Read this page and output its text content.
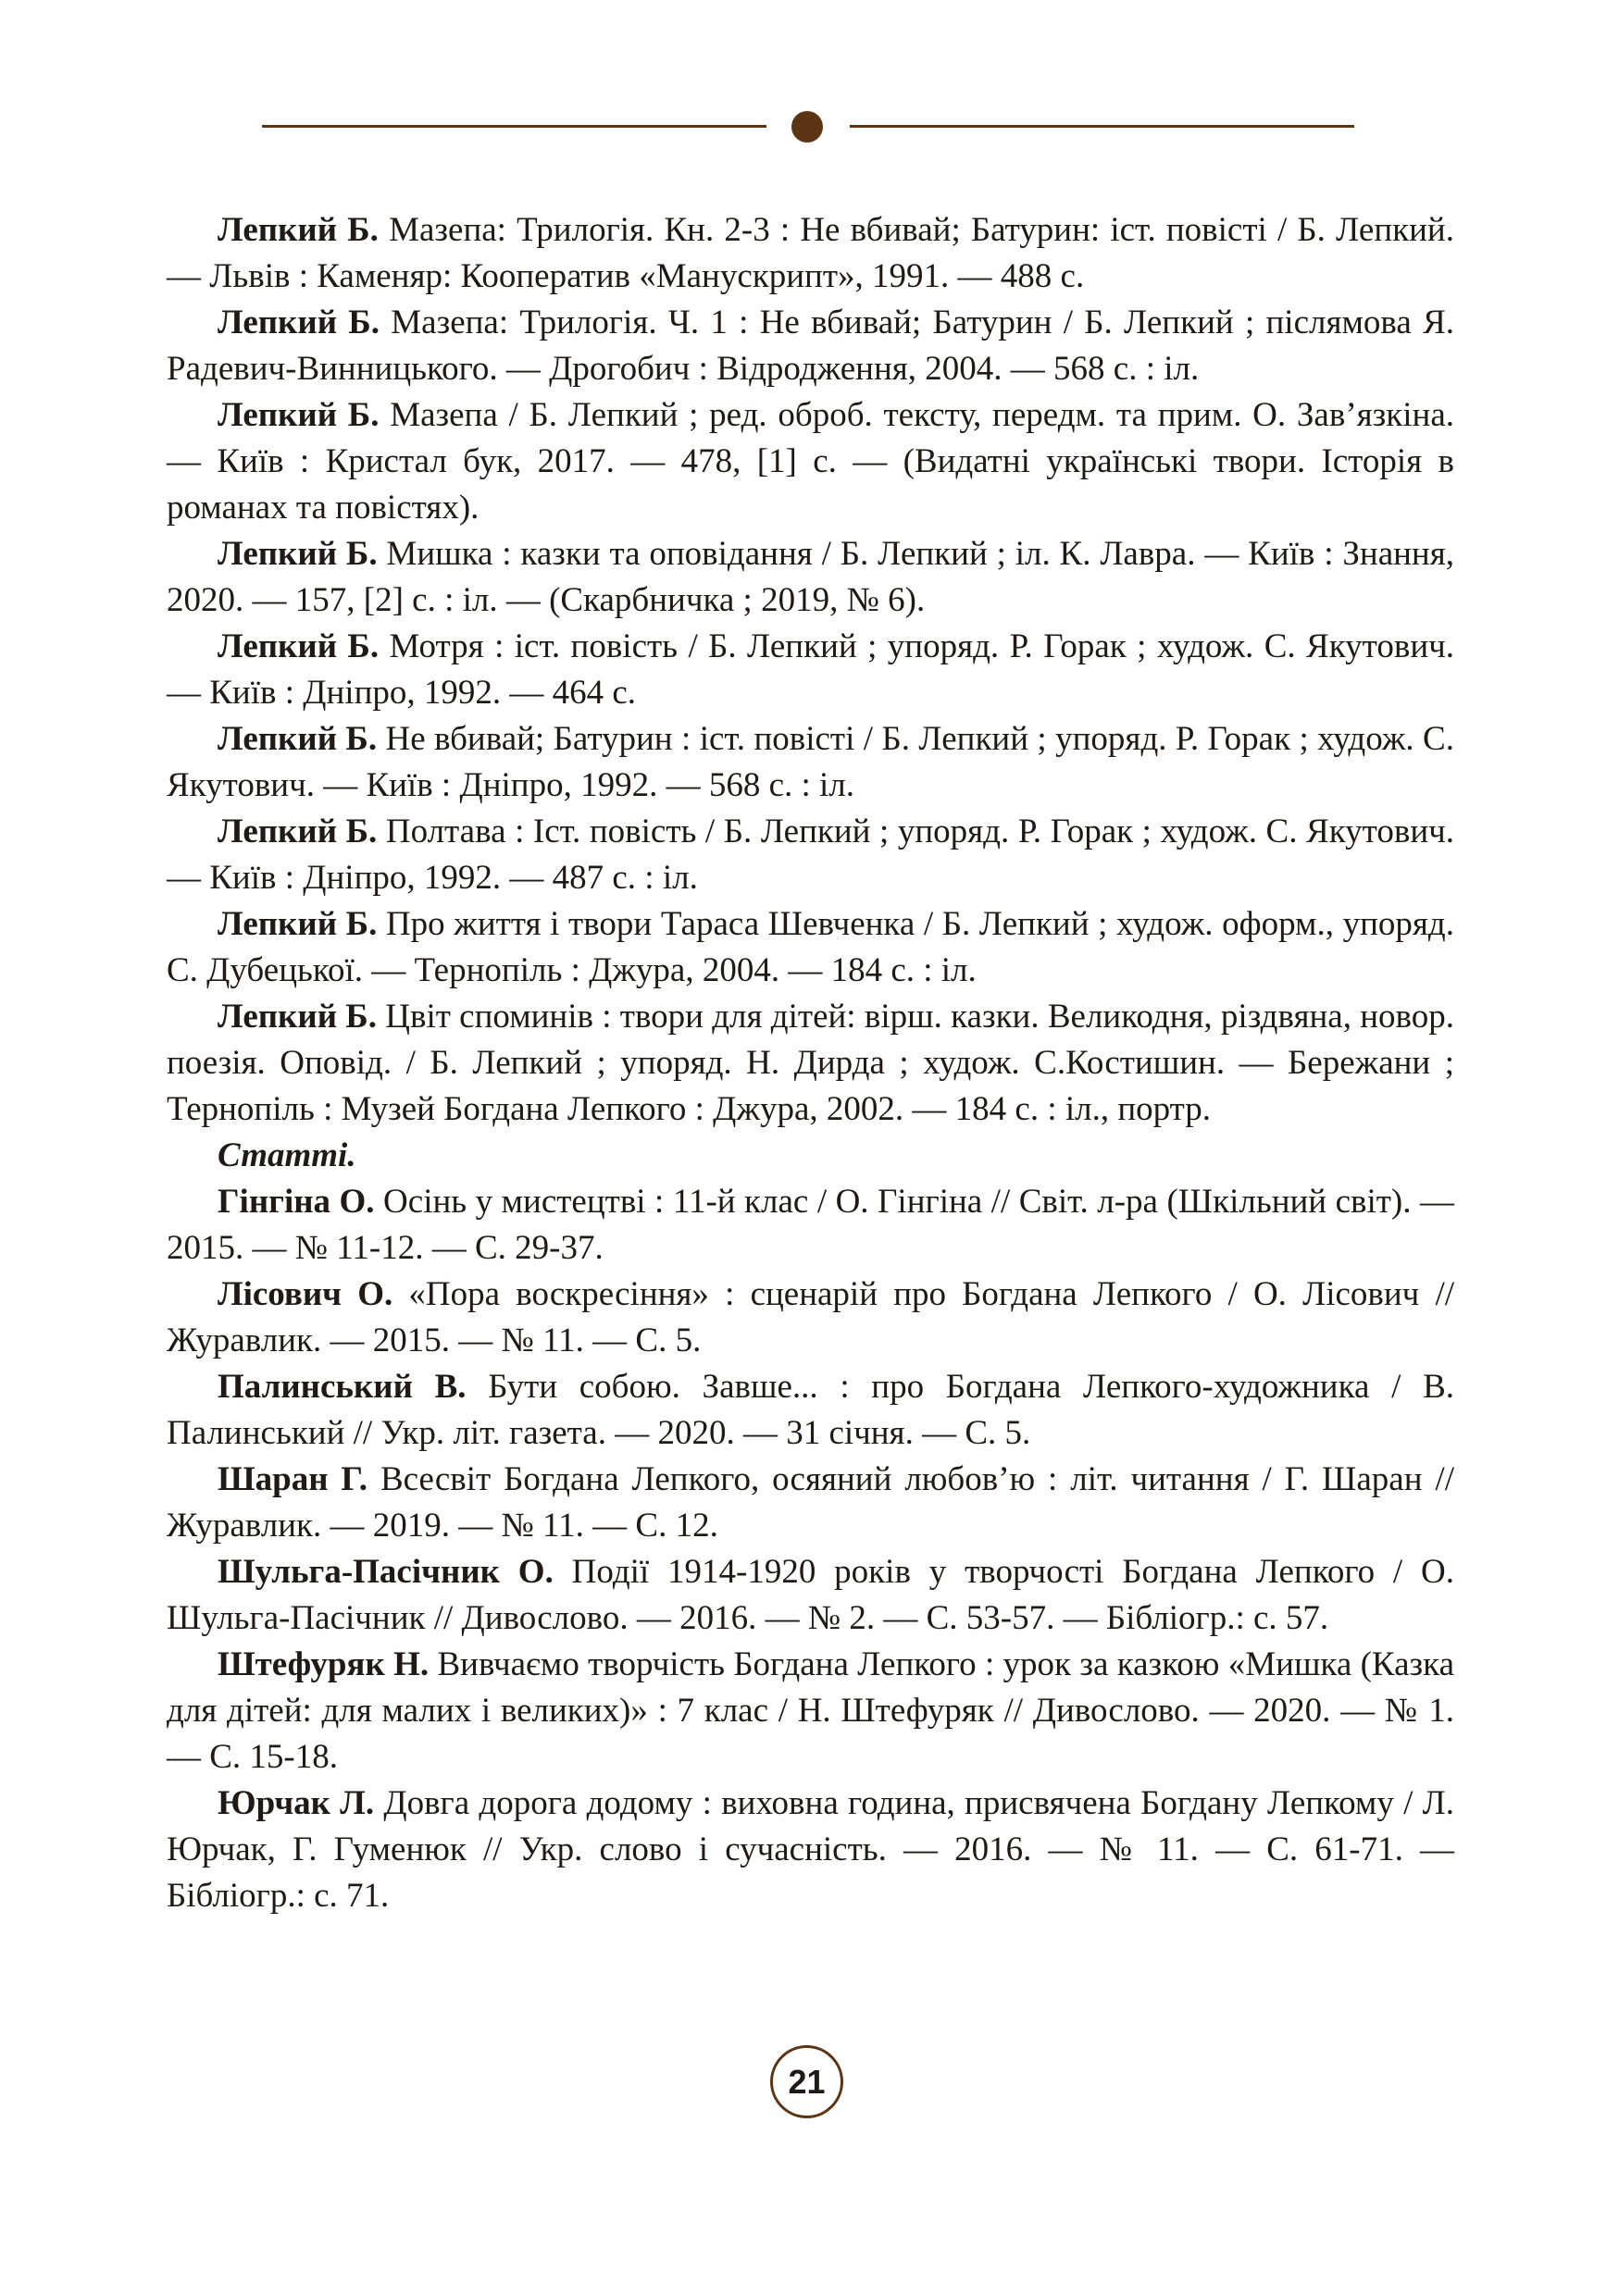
Лепкий Б. Мазепа: Трилогія. Кн. 2-3 : Не вбивай; Батурин: іст. повісті / Б. Лепкий. — Львів : Каменяр: Кооператив «Манускрипт», 1991. — 488 с.

Лепкий Б. Мазепа: Трилогія. Ч. 1 : Не вбивай; Батурин / Б. Лепкий ; післямова Я. Радевич-Винницького. — Дрогобич : Відродження, 2004. — 568 с. : іл.

Лепкий Б. Мазепа / Б. Лепкий ; ред. оброб. тексту, передм. та прим. О. Зав’язкіна. — Київ : Кристал бук, 2017. — 478, [1] с. — (Видатні українські твори. Історія в романах та повістях).

Лепкий Б. Мишка : казки та оповідання / Б. Лепкий ; іл. К. Лавра. — Київ : Знання, 2020. — 157, [2] с. : іл. — (Скарбничка ; 2019, № 6).

Лепкий Б. Мотря : іст. повість / Б. Лепкий ; упоряд. Р. Горак ; худож. С. Якутович. — Київ : Дніпро, 1992. — 464 с.

Лепкий Б. Не вбивай; Батурин : іст. повісті / Б. Лепкий ; упоряд. Р. Горак ; худож. С. Якутович. — Київ : Дніпро, 1992. — 568 с. : іл.

Лепкий Б. Полтава : Іст. повість / Б. Лепкий ; упоряд. Р. Горак ; худож. С. Якутович. — Київ : Дніпро, 1992. — 487 с. : іл.

Лепкий Б. Про життя і твори Тараса Шевченка / Б. Лепкий ; худож. оформ., упоряд. С. Дубецької. — Тернопіль : Джура, 2004. — 184 с. : іл.

Лепкий Б. Цвіт споминів : твори для дітей: вірш. казки. Великодня, різдвяна, новор. поезія. Оповід. / Б. Лепкий ; упоряд. Н. Дирда ; худож. С.Костишин. — Бережани ; Тернопіль : Музей Богдана Лепкого : Джура, 2002. — 184 с. : іл., портр.

Статті.

Гінгіна О. Осінь у мистецтві : 11-й клас / О. Гінгіна // Світ. л-ра (Шкільний світ). — 2015. — № 11-12. — С. 29-37.

Лісович О. «Пора воскресіння» : сценарій про Богдана Лепкого / О. Лісович // Журавлик. — 2015. — № 11. — С. 5.

Палинський В. Бути собою. Завше... : про Богдана Лепкого-художника / В. Палинський // Укр. літ. газета. — 2020. — 31 січня. — С. 5.

Шаран Г. Всесвіт Богдана Лепкого, осяяний любов’ю : літ. читання / Г. Шаран // Журавлик. — 2019. — № 11. — С. 12.

Шульга-Пасічник О. Події 1914-1920 років у творчості Богдана Лепкого / О. Шульга-Пасічник // Дивослово. — 2016. — № 2. — С. 53-57. — Бібліогр.: с. 57.

Штефуряк Н. Вивчаємо творчість Богдана Лепкого : урок за казкою «Мишка (Казка для дітей: для малих і великих)» : 7 клас / Н. Штефуряк // Дивослово. — 2020. — № 1. — С. 15-18.

Юрчак Л. Довга дорога додому : виховна година, присвячена Богдану Лепкому / Л. Юрчак, Г. Гуменюк // Укр. слово і сучасність. — 2016. — № 11. — С. 61-71. — Бібліогр.: с. 71.

21
